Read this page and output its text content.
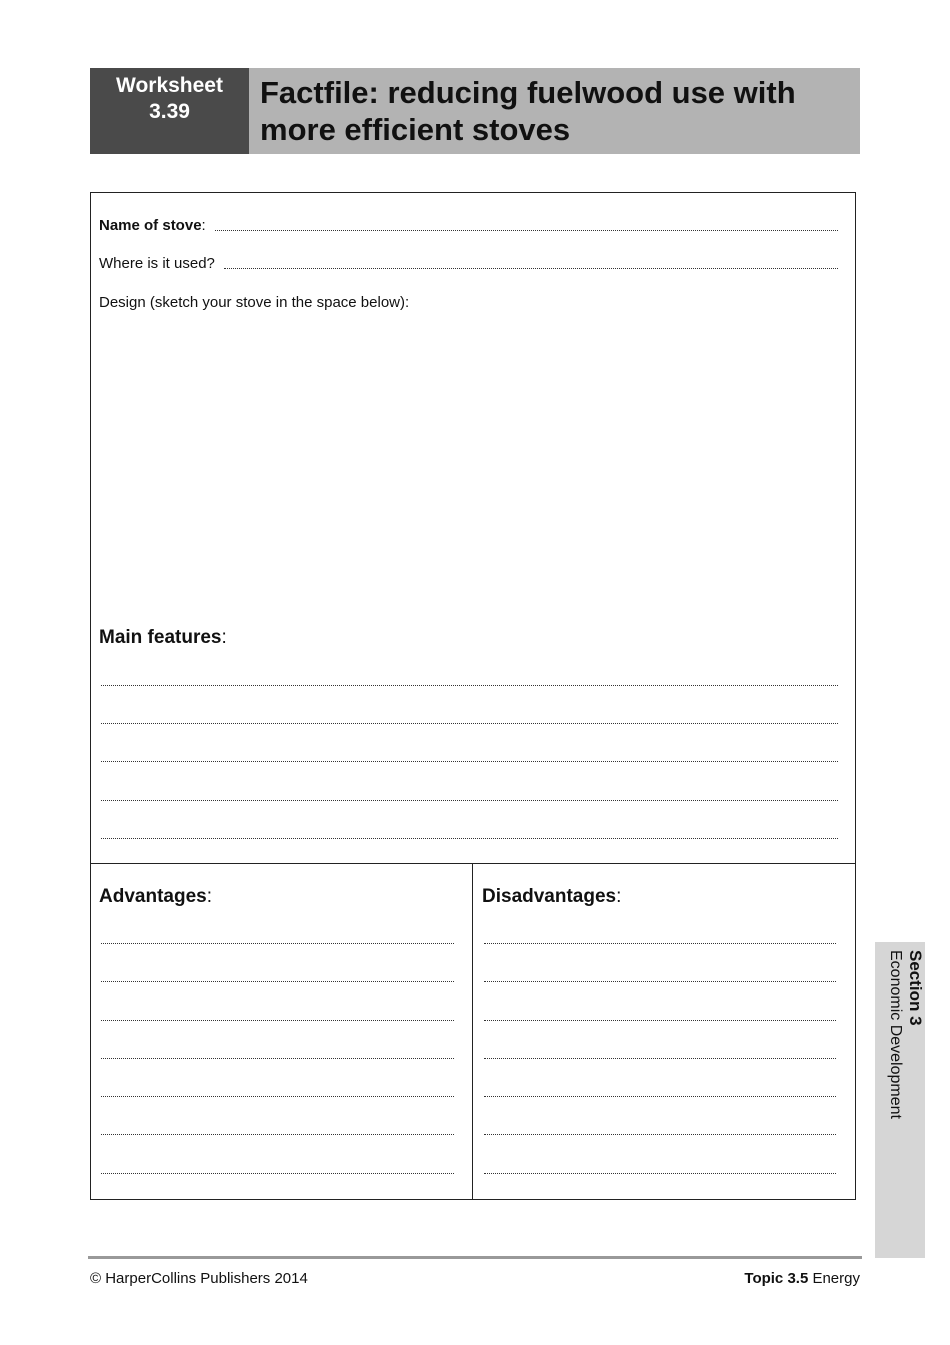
Worksheet
3.39
Factfile: reducing fuelwood use with
more efficient stoves
Name of stove:
Where is it used?
Design (sketch your stove in the space below):
Main features:
Advantages:	Disadvantages:
Section 3
Economic Development
© HarperCollins Publishers 2014	Topic 3.5 Energy
